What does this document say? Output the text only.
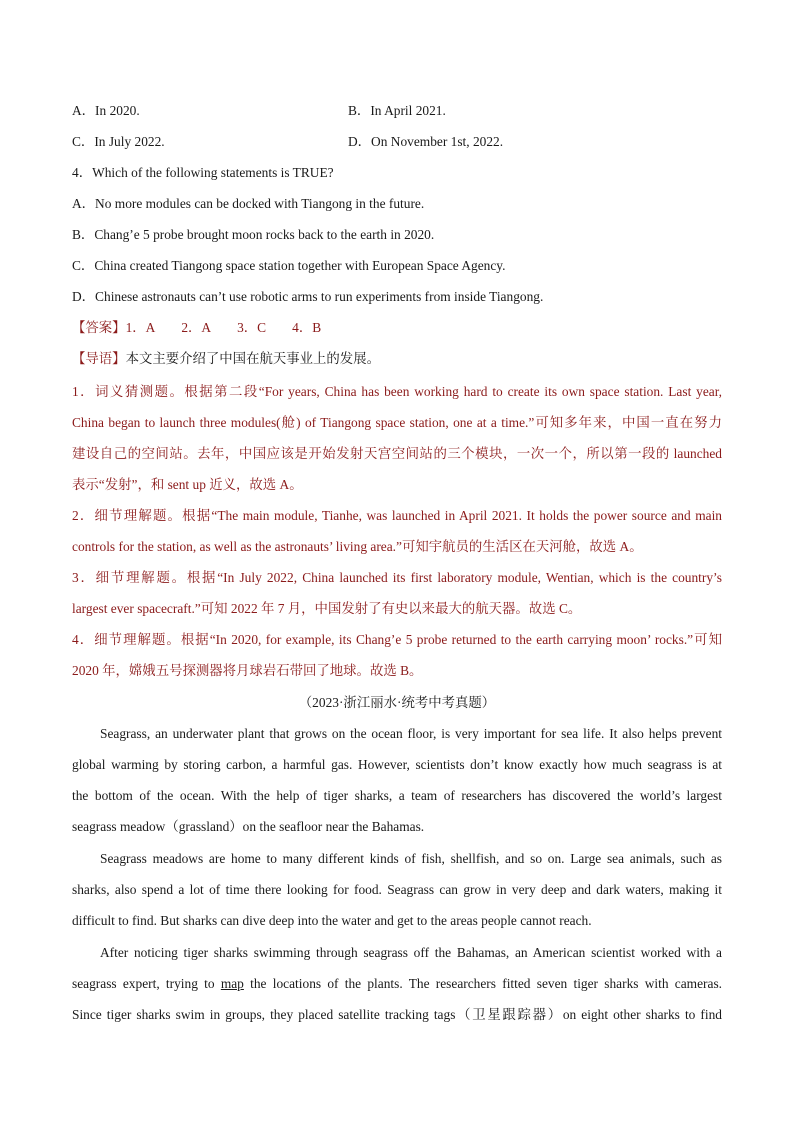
A．In 2020.	B．In April 2021.
C．In July 2022.	D．On November 1st, 2022.
4．Which of the following statements is TRUE?
A．No more modules can be docked with Tiangong in the future.
B．Chang’e 5 probe brought moon rocks back to the earth in 2020.
C．China created Tiangong space station together with European Space Agency.
D．Chinese astronauts can’t use robotic arms to run experiments from inside Tiangong.
【答案】1．A 2．A 3．C 4．B
【导语】本文主要介绍了中国在航天事业上的发展。
1．词义猜测题。根据第二段“For years, China has been working hard to create its own space station. Last year,
China began to launch three modules(舱) of Tiangong space station, one at a time.”可知多年来，中国一直在努力
建设自己的空间站。去年，中国应该是开始发射天宫空间站的三个模块，一次一个，所以第一段的 launched
表示“发射”，和 sent up 近义，故选 A。
2．细节理解题。根据“The main module, Tianhe, was launched in April 2021. It holds the power source and main
controls for the station, as well as the astronauts’ living area.”可知宇航员的生活区在天河舱，故选 A。
3．细节理解题。根据“In July 2022, China launched its first laboratory module, Wentian, which is the country’s
largest ever spacecraft.”可知 2022 年 7 月，中国发射了有史以来最大的航天器。故选 C。
4．细节理解题。根据“In 2020, for example, its Chang’e 5 probe returned to the earth carrying moon’ rocks.”可知
2020 年，嫦娥五号探测器将月球岩石带回了地球。故选 B。
（2023·浙江丽水·统考中考真题）
Seagrass, an underwater plant that grows on the ocean floor, is very important for sea life. It also helps prevent
global warming by storing carbon, a harmful gas. However, scientists don’t know exactly how much seagrass is at
the bottom of the ocean. With the help of tiger sharks, a team of researchers has discovered the world’s largest
seagrass meadow（grassland）on the seafloor near the Bahamas.
Seagrass meadows are home to many different kinds of fish, shellfish, and so on. Large sea animals, such as
sharks, also spend a lot of time there looking for food. Seagrass can grow in very deep and dark waters, making it
difficult to find. But sharks can dive deep into the water and get to the areas people cannot reach.
After noticing tiger sharks swimming through seagrass off the Bahamas, an American scientist worked with a
seagrass expert, trying to map the locations of the plants. The researchers fitted seven tiger sharks with cameras.
Since tiger sharks swim in groups, they placed satellite tracking tags（卫星跟踪器）on eight other sharks to find
